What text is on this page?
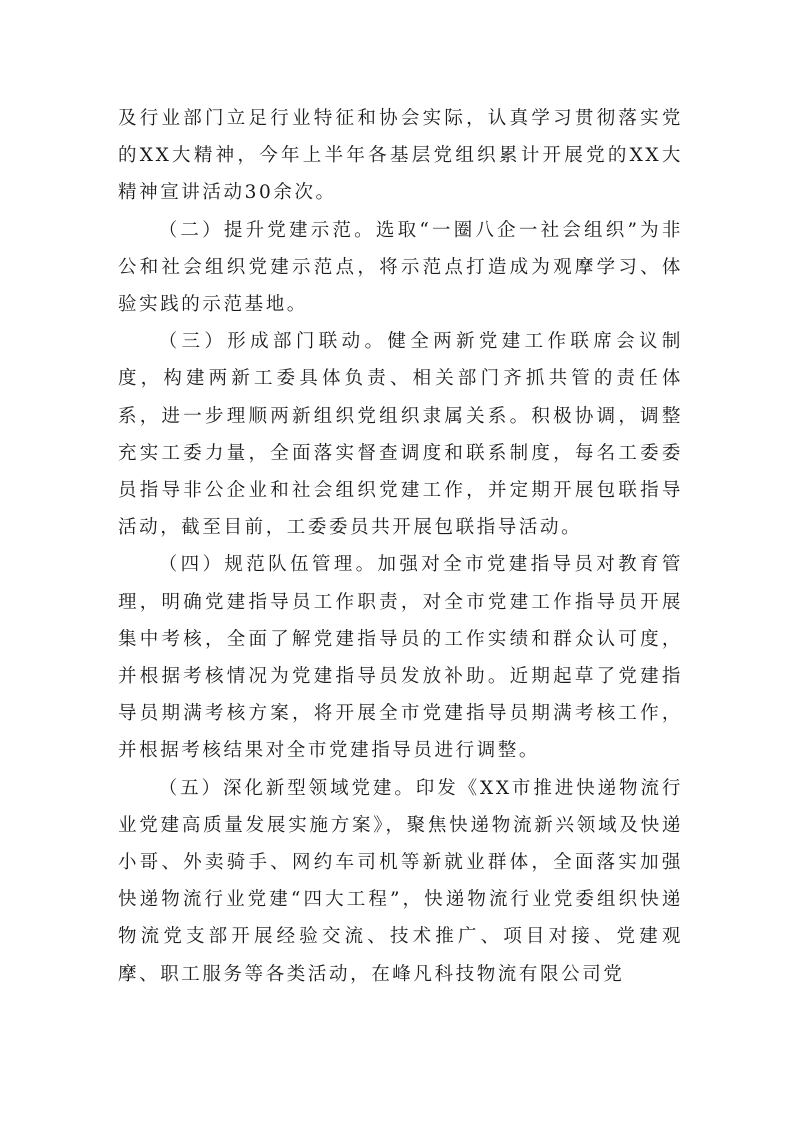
及行业部门立足行业特征和协会实际，认真学习贯彻落实党的XX大精神，今年上半年各基层党组织累计开展党的XX大精神宣讲活动30余次。

（二）提升党建示范。选取“一圈八企一社会组织”为非公和社会组织党建示范点，将示范点打造成为观摩学习、体验实践的示范基地。

（三）形成部门联动。健全两新党建工作联席会议制度，构建两新工委具体负责、相关部门齐抓共管的责任体系，进一步理顺两新组织党组织隶属关系。积极协调，调整充实工委力量，全面落实督查调度和联系制度，每名工委委员指导非公企业和社会组织党建工作，并定期开展包联指导活动，截至目前，工委委员共开展包联指导活动。

（四）规范队伍管理。加强对全市党建指导员对教育管理，明确党建指导员工作职责，对全市党建工作指导员开展集中考核，全面了解党建指导员的工作实绩和群众认可度，并根据考核情况为党建指导员发放补助。近期起草了党建指导员期满考核方案，将开展全市党建指导员期满考核工作，并根据考核结果对全市党建指导员进行调整。

（五）深化新型领域党建。印发《XX市推进快递物流行业党建高质量发展实施方案》，聚焦快递物流新兴领域及快递小哥、外卖骑手、网约车司机等新就业群体，全面落实加强快递物流行业党建“四大工程”，快递物流行业党委组织快递物流党支部开展经验交流、技术推广、项目对接、党建观摩、职工服务等各类活动，在峰凡科技物流有限公司党
